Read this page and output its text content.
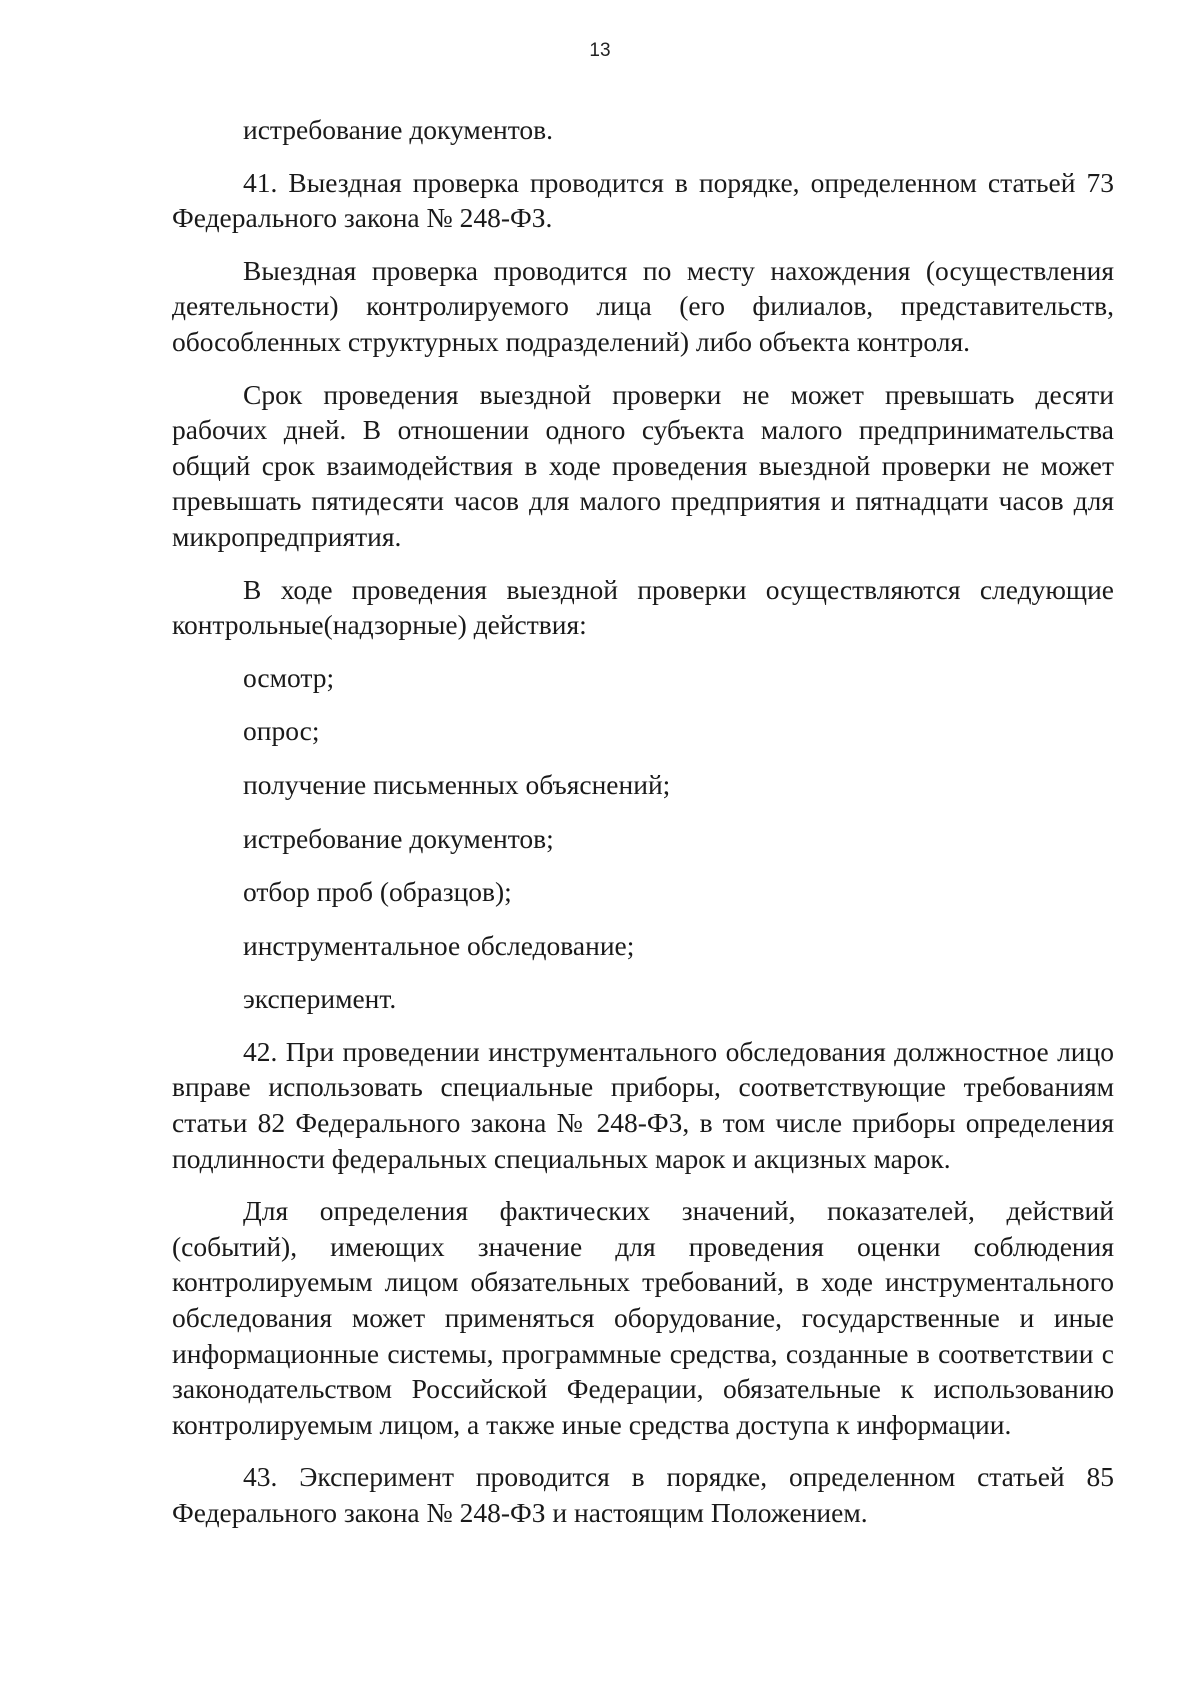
13

истребование документов.

41. Выездная проверка проводится в порядке, определенном статьей 73 Федерального закона № 248-ФЗ.

Выездная проверка проводится по месту нахождения (осуществления деятельности) контролируемого лица (его филиалов, представительств, обособленных структурных подразделений) либо объекта контроля.

Срок проведения выездной проверки не может превышать десяти рабочих дней. В отношении одного субъекта малого предпринимательства общий срок взаимодействия в ходе проведения выездной проверки не может превышать пятидесяти часов для малого предприятия и пятнадцати часов для микропредприятия.

В ходе проведения выездной проверки осуществляются следующие контрольные(надзорные) действия:

осмотр;

опрос;

получение письменных объяснений;

истребование документов;

отбор проб (образцов);

инструментальное обследование;

эксперимент.

42. При проведении инструментального обследования должностное лицо вправе использовать специальные приборы, соответствующие требованиям статьи 82 Федерального закона № 248-ФЗ, в том числе приборы определения подлинности федеральных специальных марок и акцизных марок.

Для определения фактических значений, показателей, действий (событий), имеющих значение для проведения оценки соблюдения контролируемым лицом обязательных требований, в ходе инструментального обследования может применяться оборудование, государственные и иные информационные системы, программные средства, созданные в соответствии с законодательством Российской Федерации, обязательные к использованию контролируемым лицом, а также иные средства доступа к информации.

43. Эксперимент проводится в порядке, определенном статьей 85 Федерального закона № 248-ФЗ и настоящим Положением.
